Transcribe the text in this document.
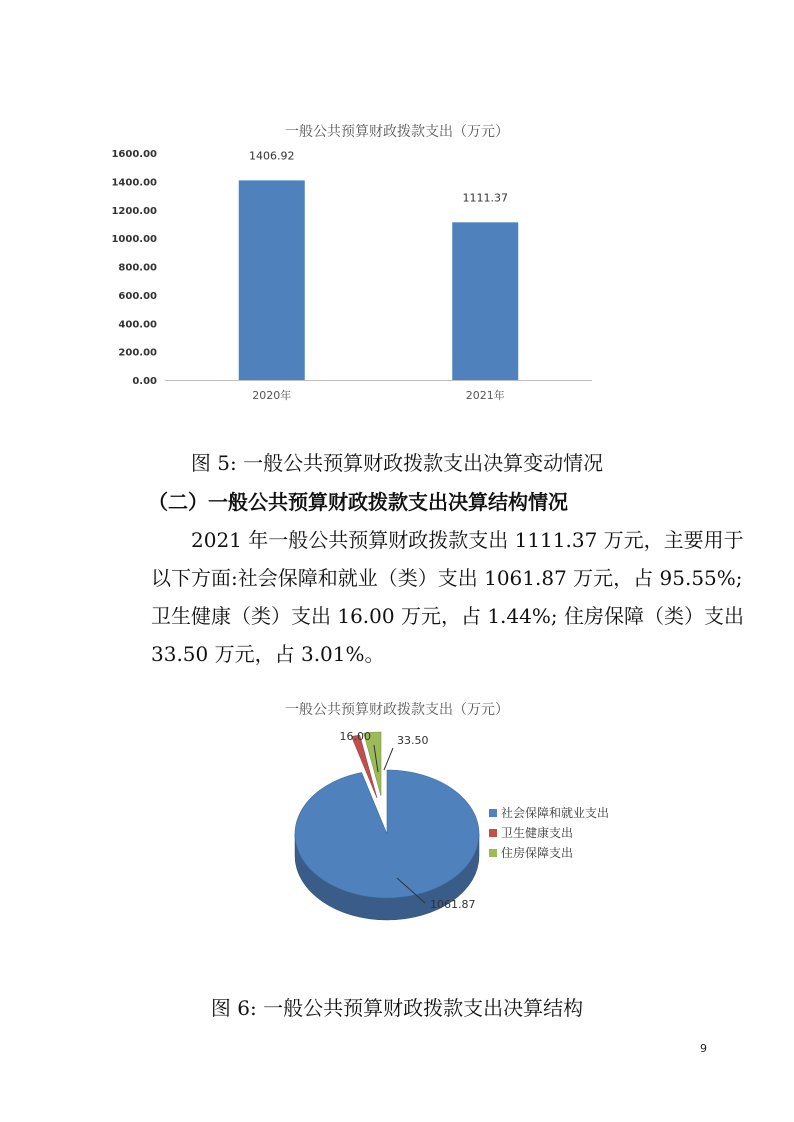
一般公共预算财政拨款支出（万元）
0.00
200.00
400.00
600.00
800.00
1000.00
1200.00
1400.00
1600.00	1406.92
2020年
1111.37
2021年
图 5: 一般公共预算财政拨款支出决算变动情况
（二）一般公共预算财政拨款支出决算结构情况
2021 年一般公共预算财政拨款支出 1111.37 万元，主要用于
以下方面:社会保障和就业（类）支出 1061.87 万元，占 95.55%;
卫生健康（类）支出 16.00 万元，占 1.44%; 住房保障（类）支出
33.50 万元，占 3.01%。
一般公共预算财政拨款支出（万元）
1061.87
16.00 33.50
社会保障和就业支出
卫生健康支出
住房保障支出
图 6: 一般公共预算财政拨款支出决算结构
9
